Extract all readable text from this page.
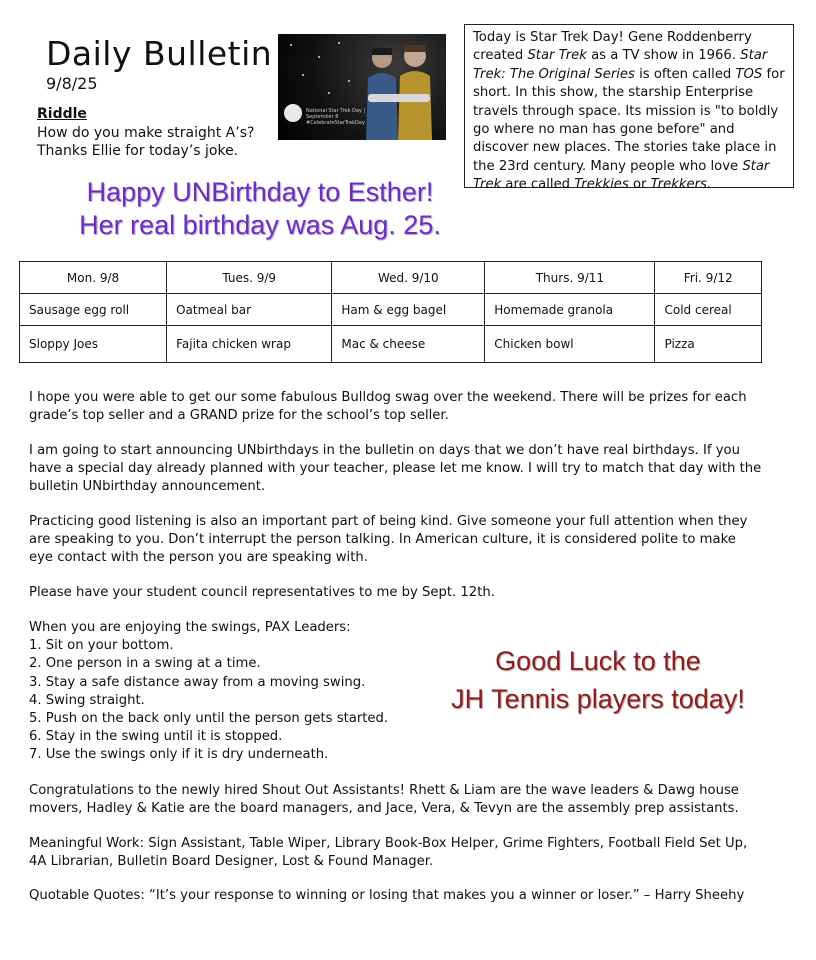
Daily Bulletin
9/8/25
Riddle
How do you make straight A’s?
Thanks Ellie for today’s joke.
National Star Trek Day | September 8 #CelebrateStarTrekDay
Today is Star Trek Day! Gene Roddenberry created Star Trek as a TV show in 1966. Star Trek: The Original Series is often called TOS for short. In this show, the starship Enterprise travels through space. Its mission is "to boldly go where no man has gone before" and discover new places. The stories take place in the 23rd century. Many people who love Star Trek are called Trekkies or Trekkers.
Happy UNBirthday to Esther!
Her real birthday was Aug. 25.
Mon. 9/8	Tues. 9/9	Wed. 9/10	Thurs. 9/11	Fri. 9/12
Sausage egg roll	Oatmeal bar	Ham & egg bagel	Homemade granola	Cold cereal
Sloppy Joes	Fajita chicken wrap	Mac & cheese	Chicken bowl	Pizza

I hope you were able to get our some fabulous Bulldog swag over the weekend. There will be prizes for each grade’s top seller and a GRAND prize for the school’s top seller.

I am going to start announcing UNbirthdays in the bulletin on days that we don’t have real birthdays. If you have a special day already planned with your teacher, please let me know. I will try to match that day with the bulletin UNbirthday announcement.

Practicing good listening is also an important part of being kind. Give someone your full attention when they are speaking to you. Don’t interrupt the person talking. In American culture, it is considered polite to make eye contact with the person you are speaking with.

Please have your student council representatives to me by Sept. 12th.

When you are enjoying the swings, PAX Leaders:

1. Sit on your bottom.

2. One person in a swing at a time.

3. Stay a safe distance away from a moving swing.

4. Swing straight.

5. Push on the back only until the person gets started.

6. Stay in the swing until it is stopped.

7. Use the swings only if it is dry underneath.

Good Luck to the
JH Tennis players today!

Congratulations to the newly hired Shout Out Assistants! Rhett & Liam are the wave leaders & Dawg house movers, Hadley & Katie are the board managers, and Jace, Vera, & Tevyn are the assembly prep assistants.

Meaningful Work: Sign Assistant, Table Wiper, Library Book-Box Helper, Grime Fighters, Football Field Set Up, 4A Librarian, Bulletin Board Designer, Lost & Found Manager.

Quotable Quotes: “It’s your response to winning or losing that makes you a winner or loser.” – Harry Sheehy
